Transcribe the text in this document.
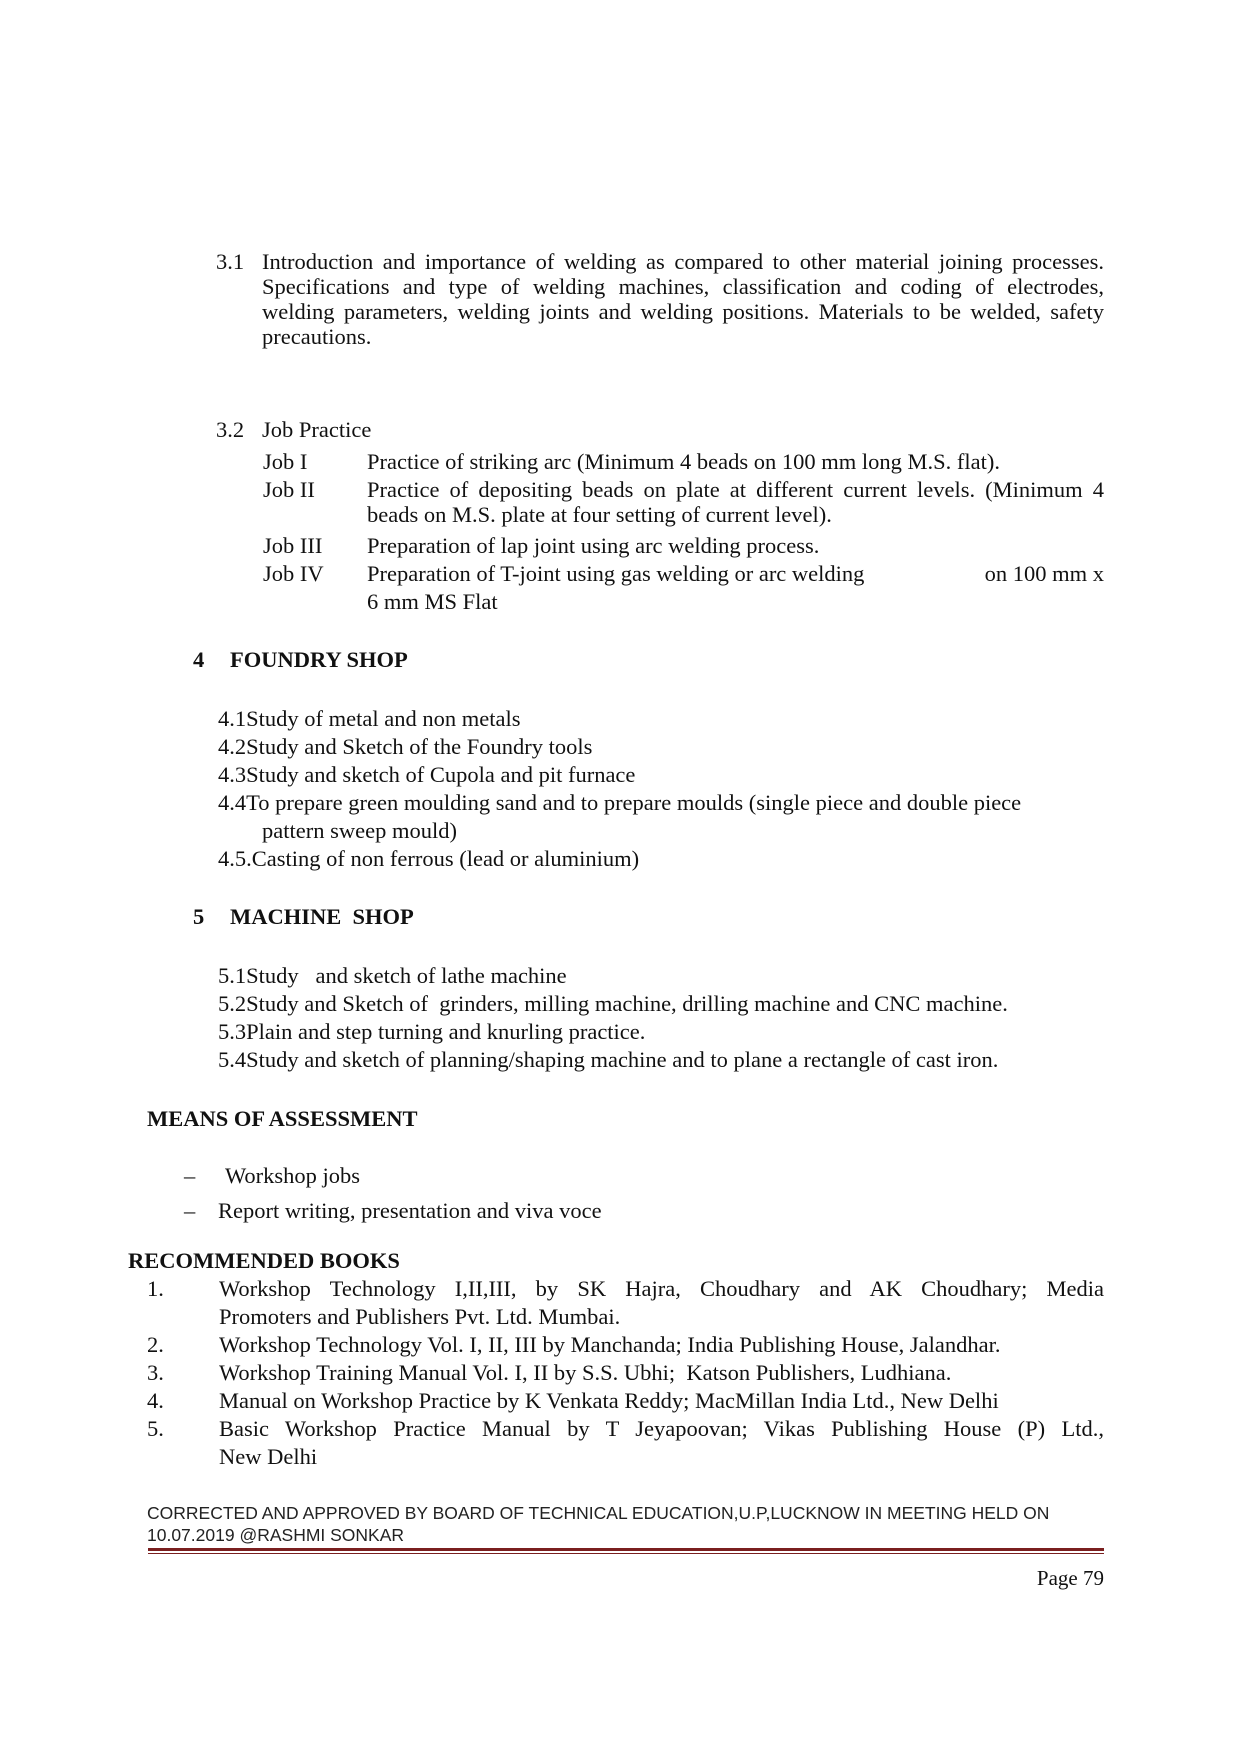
3.1 Introduction and importance of welding as compared to other material joining processes. Specifications and type of welding machines, classification and coding of electrodes, welding parameters, welding joints and welding positions. Materials to be welded, safety precautions.
3.2 Job Practice
Job I	Practice of striking arc (Minimum 4 beads on 100 mm long M.S. flat).
Job II Practice of depositing beads on plate at different current levels. (Minimum 4 beads on M.S. plate at four setting of current level).
Job III Preparation of lap joint using arc welding process.
Job IV Preparation of T-joint using gas welding or arc welding	on 100 mm x
6 mm MS Flat
4 FOUNDRY SHOP
4.1Study of metal and non metals
4.2Study and Sketch of the Foundry tools
4.3Study and sketch of Cupola and pit furnace
4.4To prepare green moulding sand and to prepare moulds (single piece and double piece
pattern sweep mould)
4.5.Casting of non ferrous (lead or aluminium)
5 MACHINE  SHOP
5.1Study   and sketch of lathe machine
5.2Study and Sketch of  grinders, milling machine, drilling machine and CNC machine.
5.3Plain and step turning and knurling practice.
5.4Study and sketch of planning/shaping machine and to plane a rectangle of cast iron.
MEANS OF ASSESSMENT
– Workshop jobs
– Report writing, presentation and viva voce
RECOMMENDED BOOKS
1. Workshop Technology I,II,III, by SK Hajra, Choudhary and AK Choudhary; Media
Promoters and Publishers Pvt. Ltd. Mumbai.
2. Workshop Technology Vol. I, II, III by Manchanda; India Publishing House, Jalandhar.
3. Workshop Training Manual Vol. I, II by S.S. Ubhi;  Katson Publishers, Ludhiana.
4. Manual on Workshop Practice by K Venkata Reddy; MacMillan India Ltd., New Delhi
5. Basic Workshop Practice Manual by T Jeyapoovan; Vikas Publishing House (P) Ltd.,
New Delhi
CORRECTED AND APPROVED BY BOARD OF TECHNICAL EDUCATION,U.P,LUCKNOW IN MEETING HELD ON
10.07.2019 @RASHMI SONKAR
Page 79
